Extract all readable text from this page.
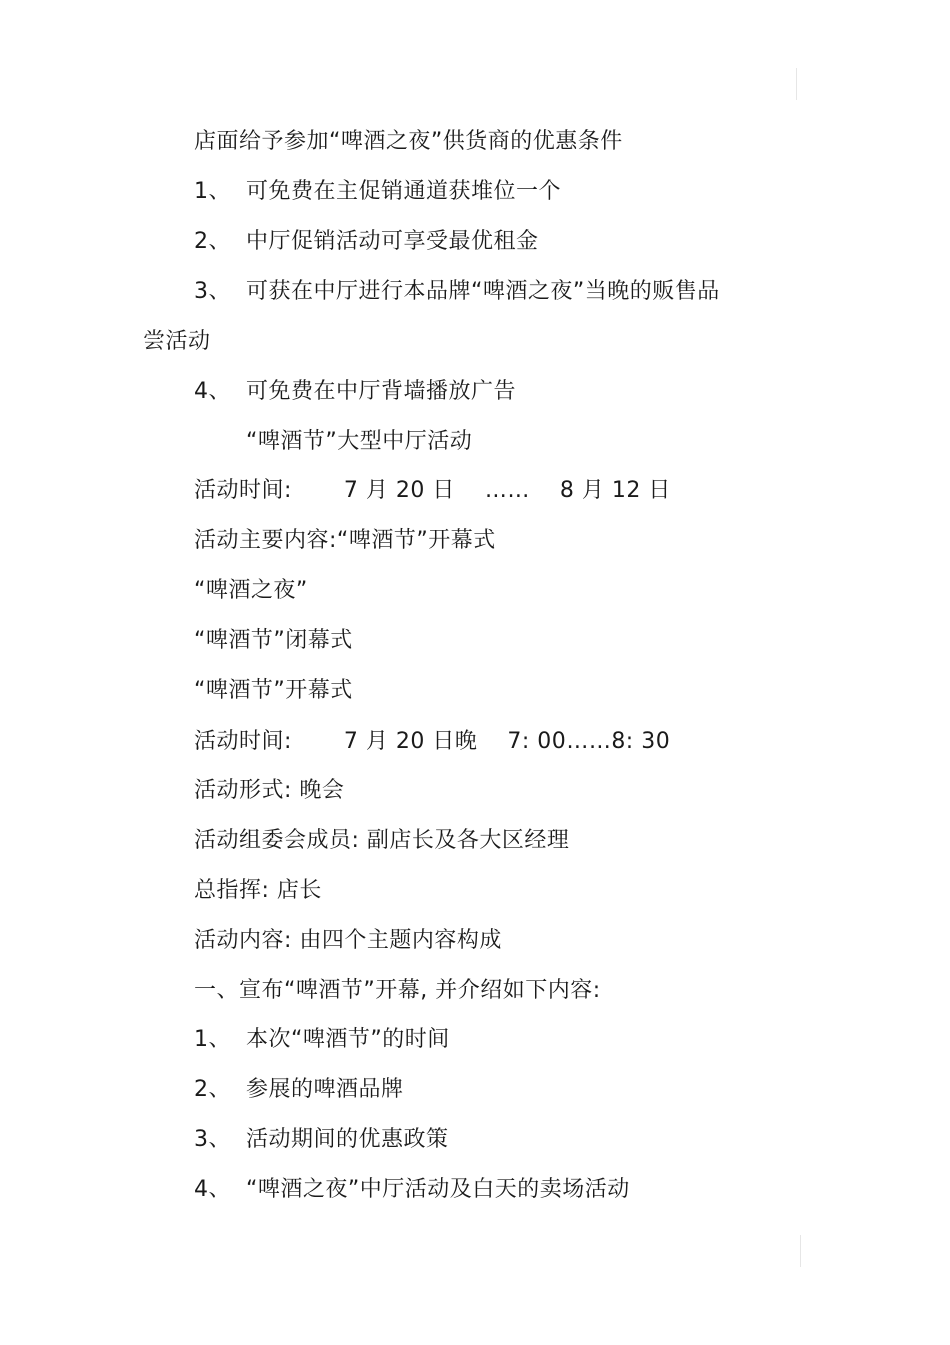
店面给予参加“啤酒之夜”供货商的优惠条件
1、 可免费在主促销通道获堆位一个
2、 中厅促销活动可享受最优租金
3、 可获在中厅进行本品牌“啤酒之夜”当晚的贩售品
尝活动
4、 可免费在中厅背墙播放广告
“啤酒节”大型中厅活动
活动时间: 7 月 20 日 …… 8 月 12 日
活动主要内容:“啤酒节”开幕式
“啤酒之夜”
“啤酒节”闭幕式
“啤酒节”开幕式
活动时间: 7 月 20 日晚 7: 00……8: 30
活动形式: 晚会
活动组委会成员: 副店长及各大区经理
总指挥: 店长
活动内容: 由四个主题内容构成
一、宣布“啤酒节”开幕, 并介绍如下内容:
1、 本次“啤酒节”的时间
2、 参展的啤酒品牌
3、 活动期间的优惠政策
4、 “啤酒之夜”中厅活动及白天的卖场活动
